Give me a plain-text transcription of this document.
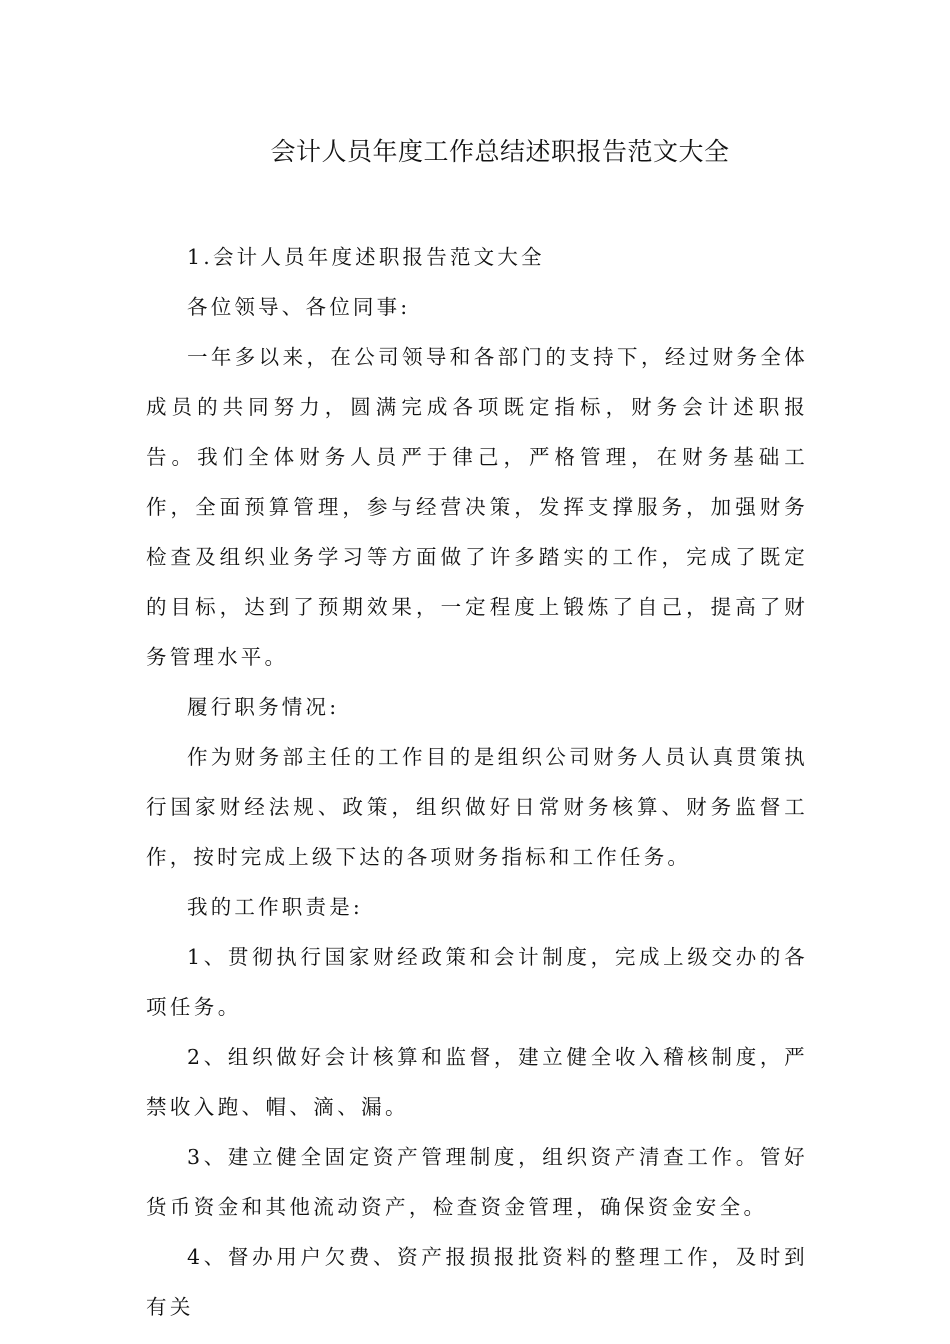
会计人员年度工作总结述职报告范文大全

1.会计人员年度述职报告范文大全

各位领导、各位同事:

一年多以来，在公司领导和各部门的支持下，经过财务全体成员的共同努力，圆满完成各项既定指标，财务会计述职报告。我们全体财务人员严于律己，严格管理，在财务基础工作，全面预算管理，参与经营决策，发挥支撑服务，加强财务检查及组织业务学习等方面做了许多踏实的工作，完成了既定的目标，达到了预期效果，一定程度上锻炼了自己，提高了财务管理水平。

履行职务情况:

作为财务部主任的工作目的是组织公司财务人员认真贯策执行国家财经法规、政策，组织做好日常财务核算、财务监督工作，按时完成上级下达的各项财务指标和工作任务。

我的工作职责是:

1、贯彻执行国家财经政策和会计制度，完成上级交办的各项任务。

2、组织做好会计核算和监督，建立健全收入稽核制度，严禁收入跑、帽、滴、漏。

3、建立健全固定资产管理制度，组织资产清查工作。管好货币资金和其他流动资产，检查资金管理，确保资金安全。

4、督办用户欠费、资产报损报批资料的整理工作，及时到有关
